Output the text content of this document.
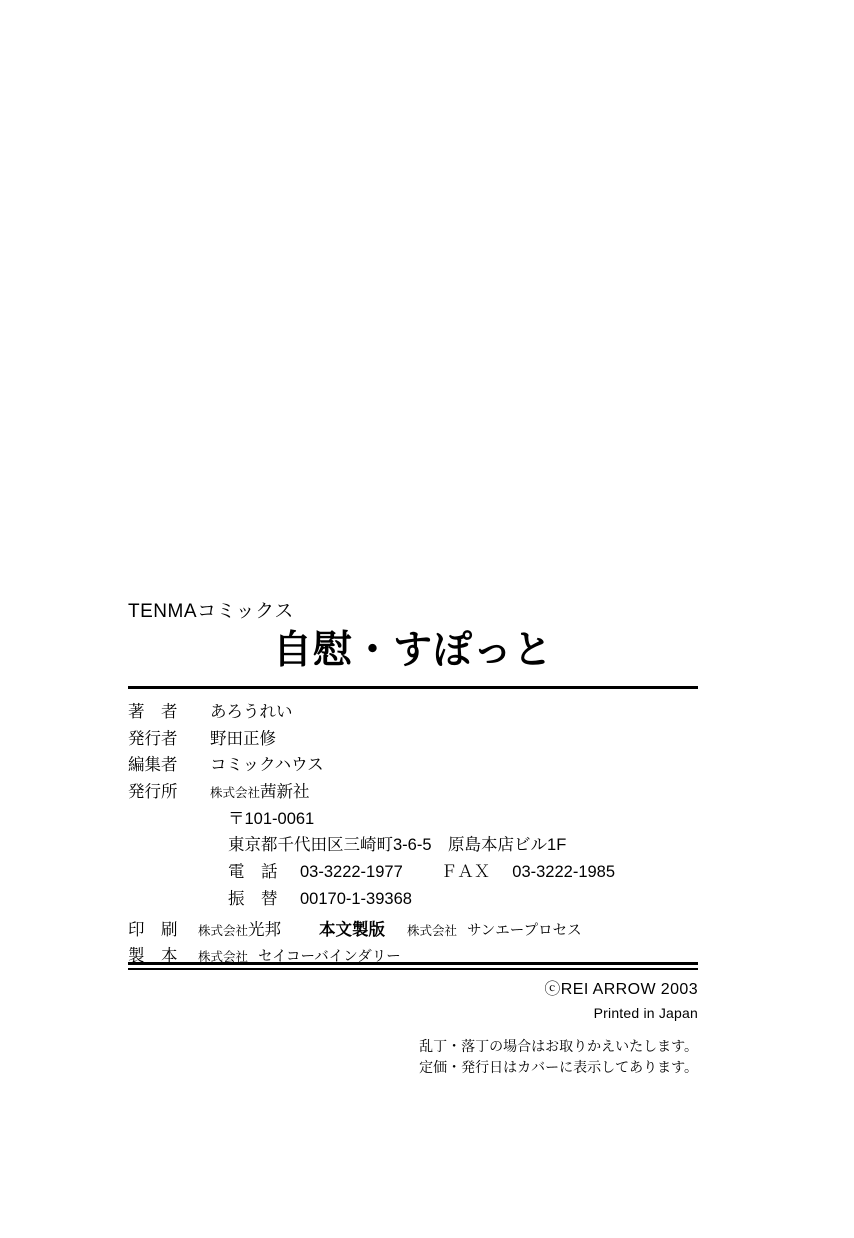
TENMAコミックス
自慰・すぽっと
著　者	あろうれい
発行者	野田正修
編集者	コミックハウス
発行所	株式会社 茜新社
〒101-0061
東京都千代田区三崎町3-6-5　原島本店ビル1F
電　話	03-3222-1977 ＦＡＸ 03-3222-1985
振　替	00170-1-39368
印　刷	株式会社 光邦 本文製版 株式会社 サンエープロセス
製　本	株式会社 セイコーバインダリー
ⓒREI ARROW 2003
Printed in Japan
乱丁・落丁の場合はお取りかえいたします。
定価・発行日はカバーに表示してあります。
